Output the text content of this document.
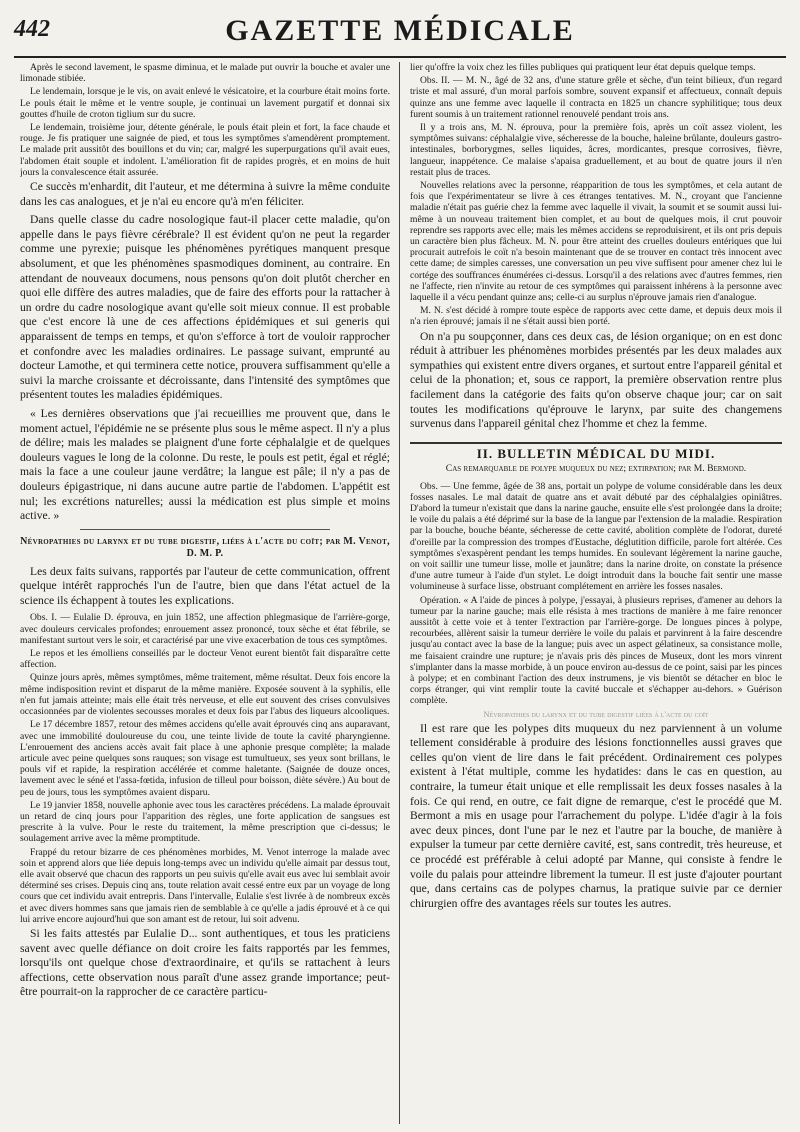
442	GAZETTE MÉDICALE

Après le second lavement, le spasme diminua, et le malade put ouvrir la bouche et avaler une limonade stibiée.

Le lendemain, lorsque je le vis, on avait enlevé le vésicatoire, et la courbure était moins forte. Le pouls était le même et le ventre souple, je continuai un lavement purgatif et donnai six gouttes d'huile de croton tiglium sur du sucre.

Le lendemain, troisième jour, détente générale, le pouls était plein et fort, la face chaude et rouge. Je fis pratiquer une saignée de pied, et tous les symptômes s'amendèrent promptement. Le malade prit aussitôt des bouillons et du vin; car, malgré les superpurgations qu'il avait eues, l'abdomen était souple et indolent. L'amélioration fit de rapides progrès, et en moins de huit jours la convalescence était assurée.

Ce succès m'enhardit, dit l'auteur, et me détermina à suivre la même conduite dans les cas analogues, et je n'ai eu encore qu'à m'en féliciter.

Dans quelle classe du cadre nosologique faut-il placer cette maladie, qu'on appelle dans le pays fièvre cérébrale? Il est évident qu'on ne peut la regarder comme une pyrexie; puisque les phénomènes pyrétiques manquent presque absolument, et que les phénomènes spasmodiques dominent, au contraire. En attendant de nouveaux documens, nous pensons qu'on doit plutôt chercher en quoi elle diffère des autres maladies, que de faire des efforts pour la rattacher à un ordre du cadre nosologique avant qu'elle soit mieux connue. Il est probable que c'est encore là une de ces affections épidémiques et sui generis qui apparaissent de temps en temps, et qu'on s'efforce à tort de vouloir rapprocher et confondre avec les maladies ordinaires. Le passage suivant, emprunté au docteur Lamothe, et qui terminera cette notice, prouvera suffisamment qu'elle a suivi la marche croissante et décroissante, dans l'intensité des symptômes que présentent toutes les maladies épidémiques.

« Les dernières observations que j'ai recueillies me prouvent que, dans le moment actuel, l'épidémie ne se présente plus sous le même aspect. Il n'y a plus de délire; mais les malades se plaignent d'une forte céphalalgie et de quelques douleurs vagues le long de la colonne. Du reste, le pouls est petit, égal et réglé; mais la face a une couleur jaune verdâtre; la langue est pâle; il n'y a pas de douleurs épigastrique, ni dans aucune autre partie de l'abdomen. L'appétit est nul; les excrétions naturelles; aussi la médication est plus simple et moins active. »

Névropathies du larynx et du tube digestif, liées à l'acte du coït; par M. Venot, D. M. P.

Les deux faits suivans, rapportés par l'auteur de cette communication, offrent quelque intérêt rapprochés l'un de l'autre, bien que dans l'état actuel de la science ils échappent à toutes les explications.

Obs. I. — Eulalie D. éprouva, en juin 1852, une affection phlegmasique de l'arrière-gorge, avec douleurs cervicales profondes; enrouement assez prononcé, toux sèche et état fébrile, se manifestant surtout vers le soir, et caractérisé par une vive exacerbation de tous ces symptômes.

Le repos et les émolliens conseillés par le docteur Venot eurent bientôt fait disparaître cette affection.

Quinze jours après, mêmes symptômes, même traitement, même résultat. Deux fois encore la même indisposition revint et disparut de la même manière. Exposée souvent à la syphilis, elle n'en fut jamais atteinte; mais elle était très nerveuse, et elle eut souvent des crises convulsives occasionnées par de violentes secousses morales et deux fois par l'abus des liqueurs alcooliques.

Le 17 décembre 1857, retour des mêmes accidens qu'elle avait éprouvés cinq ans auparavant, avec une immobilité douloureuse du cou, une teinte livide de toute la cavité pharyngienne. L'enrouement des anciens accès avait fait place à une aphonie presque complète; la malade articule avec peine quelques sons rauques; son visage est tumultueux, ses yeux sont brillans, le pouls vif et rapide, la respiration accélérée et comme haletante. (Saignée de douze onces, lavement avec le séné et l'assa-fœtida, infusion de tilleul pour boisson, diète sévère.) Au bout de peu de jours, tous les symptômes avaient disparu.

Le 19 janvier 1858, nouvelle aphonie avec tous les caractères précédens. La malade éprouvait un retard de cinq jours pour l'apparition des règles, une forte application de sangsues est prescrite à la vulve. Pour le reste du traitement, la même prescription que ci-dessus; le soulagement arrive avec la même promptitude.

Frappé du retour bizarre de ces phénomènes morbides, M. Venot interroge la malade avec soin et apprend alors que liée depuis long-temps avec un individu qu'elle aimait par dessus tout, elle avait observé que chacun des rapports un peu suivis qu'elle avait eus avec lui semblait avoir déterminé ses crises. Depuis cinq ans, toute relation avait cessé entre eux par un voyage de long cours que cet individu avait entrepris. Dans l'intervalle, Eulalie s'est livrée à de nombreux excès et avec divers hommes sans que jamais rien de semblable à ce qu'elle a jadis éprouvé et à ce qui lui arrive encore aujourd'hui que son amant est de retour, lui soit advenu.

Si les faits attestés par Eulalie D... sont authentiques, et tous les praticiens savent avec quelle défiance on doit croire les faits rapportés par les femmes, lorsqu'ils ont quelque chose d'extraordinaire, et qu'ils se rattachent à leurs affections, cette observation nous paraît d'une assez grande importance; peut-être pourrait-on la rapprocher de ce caractère particu-

lier qu'offre la voix chez les filles publiques qui pratiquent leur état depuis quelque temps.

Obs. II. — M. N., âgé de 32 ans, d'une stature grêle et sèche, d'un teint bilieux, d'un regard triste et mal assuré, d'un moral parfois sombre, souvent expansif et affectueux, connaît depuis quinze ans une femme avec laquelle il contracta en 1825 un chancre syphilitique; tous deux furent soumis à un traitement rationnel renouvelé pendant trois ans.

Il y a trois ans, M. N. éprouva, pour la première fois, après un coït assez violent, les symptômes suivans: céphalalgie vive, sécheresse de la bouche, haleine brûlante, douleurs gastro-intestinales, borborygmes, selles liquides, âcres, mordicantes, presque corrosives, fièvre, langueur, inappétence. Ce malaise s'apaisa graduellement, et au bout de quatre jours il n'en restait plus de traces.

Nouvelles relations avec la personne, réapparition de tous les symptômes, et cela autant de fois que l'expérimentateur se livre à ces étranges tentatives. M. N., croyant que l'ancienne maladie n'était pas guérie chez la femme avec laquelle il vivait, la soumit et se soumit aussi lui-même à un nouveau traitement bien complet, et au bout de quelques mois, il crut pouvoir reprendre ses rapports avec elle; mais les mêmes accidens se reproduisirent, et ils ont pris depuis un caractère bien plus fâcheux. M. N. pour être atteint des cruelles douleurs entériques que lui procurait autrefois le coït n'a besoin maintenant que de se trouver en contact très innocent avec cette dame; de simples caresses, une conversation un peu vive suffisent pour amener chez lui le cortége des souffrances énumérées ci-dessus. Lorsqu'il a des relations avec d'autres femmes, rien ne l'affecte, rien n'invite au retour de ces symptômes qui paraissent inhérens à la personne avec laquelle il a vécu pendant quinze ans; celle-ci au surplus n'éprouve jamais rien d'analogue.

M. N. s'est décidé à rompre toute espèce de rapports avec cette dame, et depuis deux mois il n'a rien éprouvé; jamais il ne s'était aussi bien porté.

On n'a pu soupçonner, dans ces deux cas, de lésion organique; on en est donc réduit à attribuer les phénomènes morbides présentés par les deux malades aux sympathies qui existent entre divers organes, et surtout entre l'appareil génital et celui de la phonation; et, sous ce rapport, la première observation rentre plus facilement dans la catégorie des faits qu'on observe chaque jour; car on sait toutes les modifications qu'éprouve le larynx, par suite des changemens survenus dans l'appareil génital chez l'homme et chez la femme.

II. BULLETIN MÉDICAL DU MIDI.
Cas remarquable de polype muqueux du nez; extirpation; par M. Bermond.

Obs. — Une femme, âgée de 38 ans, portait un polype de volume considérable dans les deux fosses nasales. Le mal datait de quatre ans et avait débuté par des céphalalgies opiniâtres. D'abord la tumeur n'existait que dans la narine gauche, ensuite elle s'est prolongée dans la droite; le voile du palais a été déprimé sur la base de la langue par l'extension de la maladie. Respiration par la bouche, bouche béante, sécheresse de cette cavité, abolition complète de l'odorat, dureté d'oreille par la compression des trompes d'Eustache, déglutition difficile, parole fort altérée. Ces symptômes s'exaspèrent pendant les temps humides. En soulevant légèrement la narine gauche, on voit saillir une tumeur lisse, molle et jaunâtre; dans la narine droite, on constate la présence d'une autre tumeur à l'aide d'un stylet. Le doigt introduit dans la bouche fait sentir une masse volumineuse à surface lisse, obstruant complétement en arrière les fosses nasales.

Opération. « A l'aide de pinces à polype, j'essayai, à plusieurs reprises, d'amener au dehors la tumeur par la narine gauche; mais elle résista à mes tractions de manière à me faire renoncer aussitôt à cette voie et à tenter l'extraction par l'arrière-gorge. De longues pinces à polype, recourbées, allèrent saisir la tumeur derrière le voile du palais et parvinrent à la faire descendre jusqu'au contact avec la base de la langue; puis avec un aspect gélatineux, sa consistance molle, me faisaient craindre une rupture; je n'avais pris dès pinces de Museux, dont les mors vinrent s'implanter dans la masse morbide, à un pouce environ au-dessus de ce point, saisi par les pinces à polype; et en combinant l'action des deux instrumens, je vis bientôt se détacher en bloc le corps étranger, qui vint remplir toute la cavité buccale et s'échapper au-dehors. » Guérison complète.

Névropathies du larynx et du tube digestif liées à l'acte du coït

Il est rare que les polypes dits muqueux du nez parviennent à un volume tellement considérable à produire des lésions fonctionnelles aussi graves que celles qu'on vient de lire dans le fait précédent. Ordinairement ces polypes existent à l'état multiple, comme les hydatides: dans le cas en question, au contraire, la tumeur était unique et elle remplissait les deux fosses nasales à la fois. Ce qui rend, en outre, ce fait digne de remarque, c'est le procédé que M. Bermont a mis en usage pour l'arrachement du polype. L'idée d'agir à la fois avec deux pinces, dont l'une par le nez et l'autre par la bouche, de manière à expulser la tumeur par cette dernière cavité, est, sans contredit, très heureuse, et ce procédé est préférable à celui adopté par Manne, qui consiste à fendre le voile du palais pour atteindre librement la tumeur. Il est juste d'ajouter pourtant que, dans certains cas de polypes charnus, la pratique suivie par ce dernier chirurgien offre des avantages réels sur toutes les autres.
